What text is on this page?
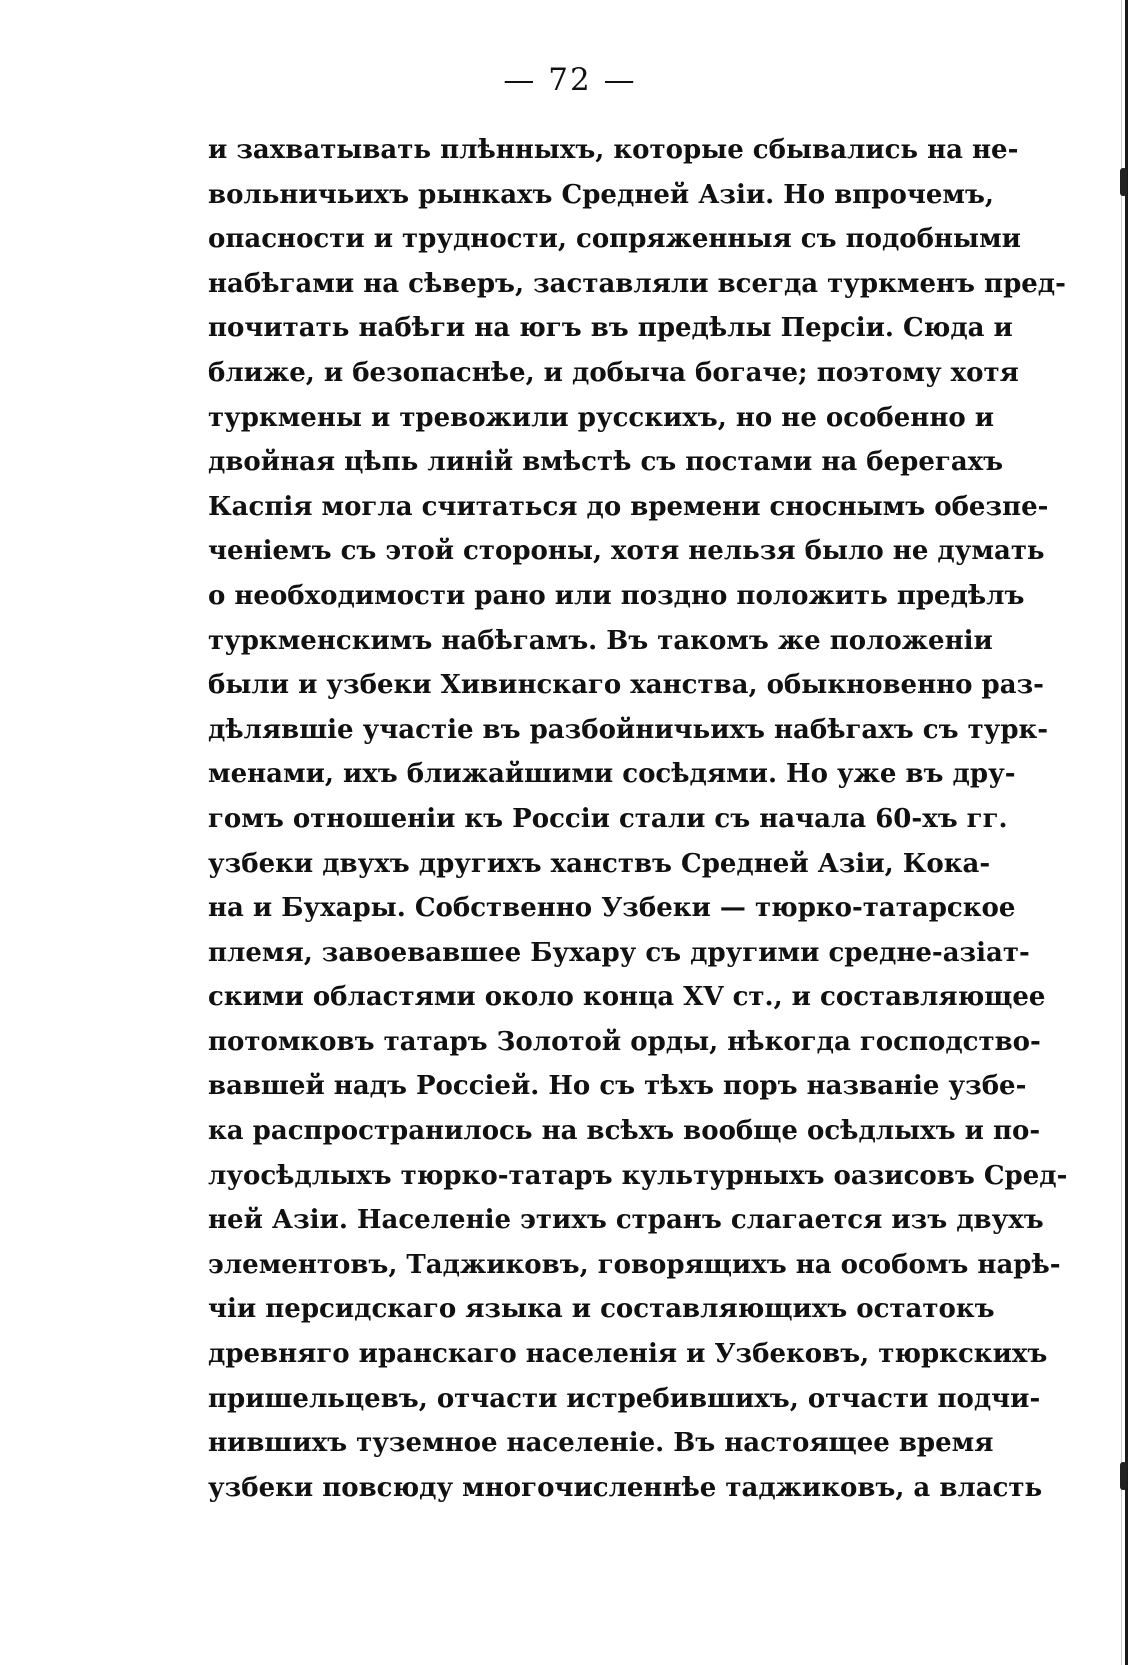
— 72 —
и захватывать плѣнныхъ, которые сбывались на не-
вольничьихъ рынкахъ Средней Азіи. Но впрочемъ,
опасности и трудности, сопряженныя съ подобными
набѣгами на сѣверъ, заставляли всегда туркменъ пред-
почитать набѣги на югъ въ предѣлы Персіи. Сюда и
ближе, и безопаснѣе, и добыча богаче; поэтому хотя
туркмены и тревожили русскихъ, но не особенно и
двойная цѣпь линій вмѣстѣ съ постами на берегахъ
Каспія могла считаться до времени сноснымъ обезпе-
ченіемъ съ этой стороны, хотя нельзя было не думать
о необходимости рано или поздно положить предѣлъ
туркменскимъ набѣгамъ. Въ такомъ же положеніи
были и узбеки Хивинскаго ханства, обыкновенно раз-
дѣлявшіе участіе въ разбойничьихъ набѣгахъ съ турк-
менами, ихъ ближайшими сосѣдями. Но уже въ дру-
гомъ отношеніи къ Россіи стали съ начала 60-хъ гг.
узбеки двухъ другихъ ханствъ Средней Азіи, Кока-
на и Бухары. Собственно Узбеки — тюрко-татарское
племя, завоевавшее Бухару съ другими средне-азіат-
скими областями около конца XV ст., и составляющее
потомковъ татаръ Золотой орды, нѣкогда господство-
вавшей надъ Россіей. Но съ тѣхъ поръ названіе узбе-
ка распространилось на всѣхъ вообще осѣдлыхъ и по-
луосѣдлыхъ тюрко-татаръ культурныхъ оазисовъ Сред-
ней Азіи. Населеніе этихъ странъ слагается изъ двухъ
элементовъ, Таджиковъ, говорящихъ на особомъ нарѣ-
чіи персидскаго языка и составляющихъ остатокъ
древняго иранскаго населенія и Узбековъ, тюркскихъ
пришельцевъ, отчасти истребившихъ, отчасти подчи-
нившихъ туземное населеніе. Въ настоящее время
узбеки повсюду многочисленнѣе таджиковъ, а власть
